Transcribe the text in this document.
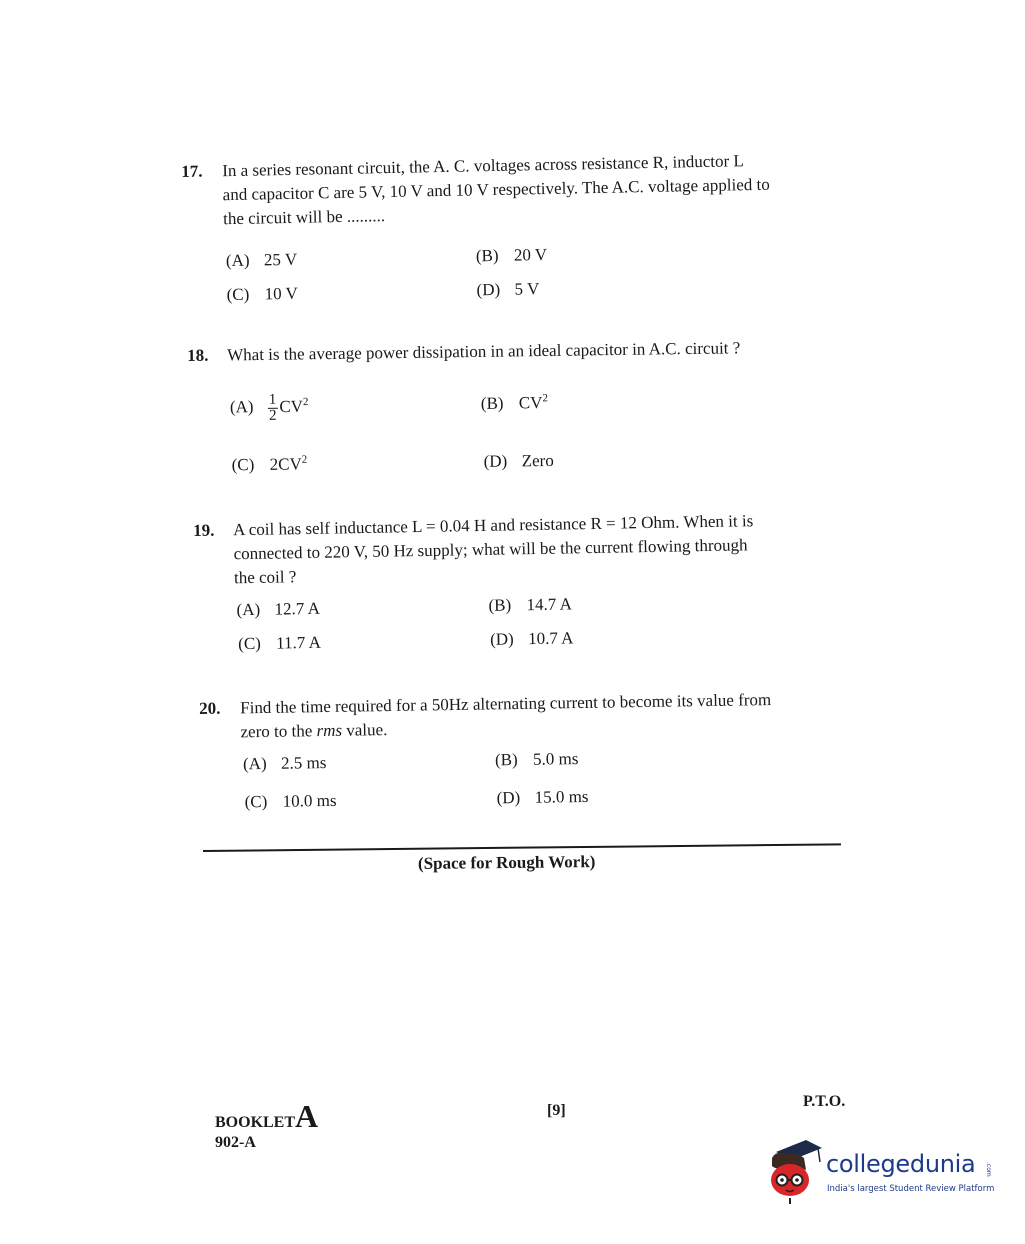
17. In a series resonant circuit, the A. C. voltages across resistance R, inductor L
and capacitor C are 5 V, 10 V and 10 V respectively. The A.C. voltage applied to
the circuit will be .........
(A) 25 V	(B) 20 V
(C) 10 V	(D) 5 V
18. What is the average power dissipation in an ideal capacitor in A.C. circuit ?
$(A) \frac{1}{2} CV^2$	(B) $CV^2$
(C) $2CV^2$	(D) Zero
19. A coil has self inductance L = 0.04 H and resistance R = 12 Ohm. When it is
connected to 220 V, 50 Hz supply; what will be the current flowing through
the coil ?
(A) 12.7 A	(B) 14.7 A
(C) 11.7 A	(D) 10.7 A
20. Find the time required for a 50Hz alternating current to become its value from
zero to the rms value.
(A) 2.5 ms	(B) 5.0 ms
(C) 10.0 ms	(D) 15.0 ms
(Space for Rough Work)
BOOKLETA
902-A
[9]
P.T.O.
collegedunia .com
India's largest Student Review Platform
